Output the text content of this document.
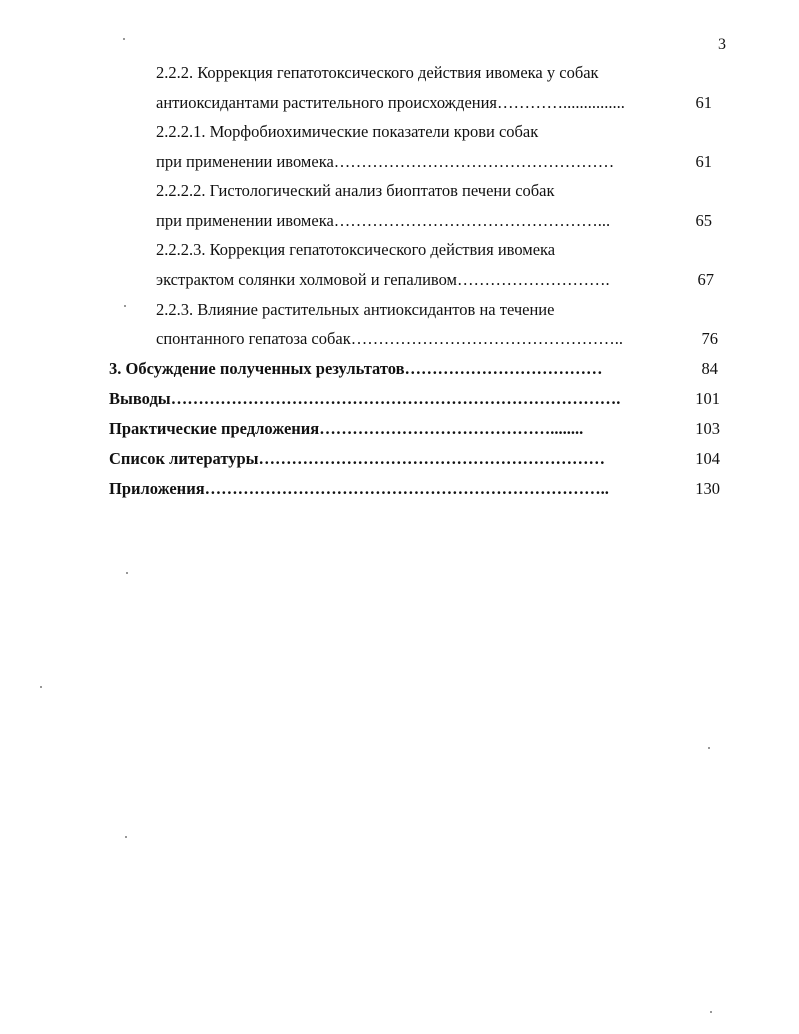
3
2.2.2. Коррекция гепатотоксического действия ивомека у собак
антиоксидантами растительного происхождения…………...............	61
2.2.2.1. Морфобиохимические показатели крови собак
при применении ивомека……………………………………………	61
2.2.2.2. Гистологический анализ биоптатов печени собак
при применении ивомека…………………………………………...	65
2.2.2.3. Коррекция гепатотоксического действия ивомека
экстрактом солянки холмовой и гепаливом……………………….	67
2.2.3. Влияние растительных антиоксидантов на течение
спонтанного гепатоза собак…………………………………………..	76
3. Обсуждение полученных результатов………………………………	84
Выводы……………………………………………………………………….	101
Практические предложения……………………………………........	103
Список литературы………………………………………………………	104
Приложения………………………………………………………………..	130
